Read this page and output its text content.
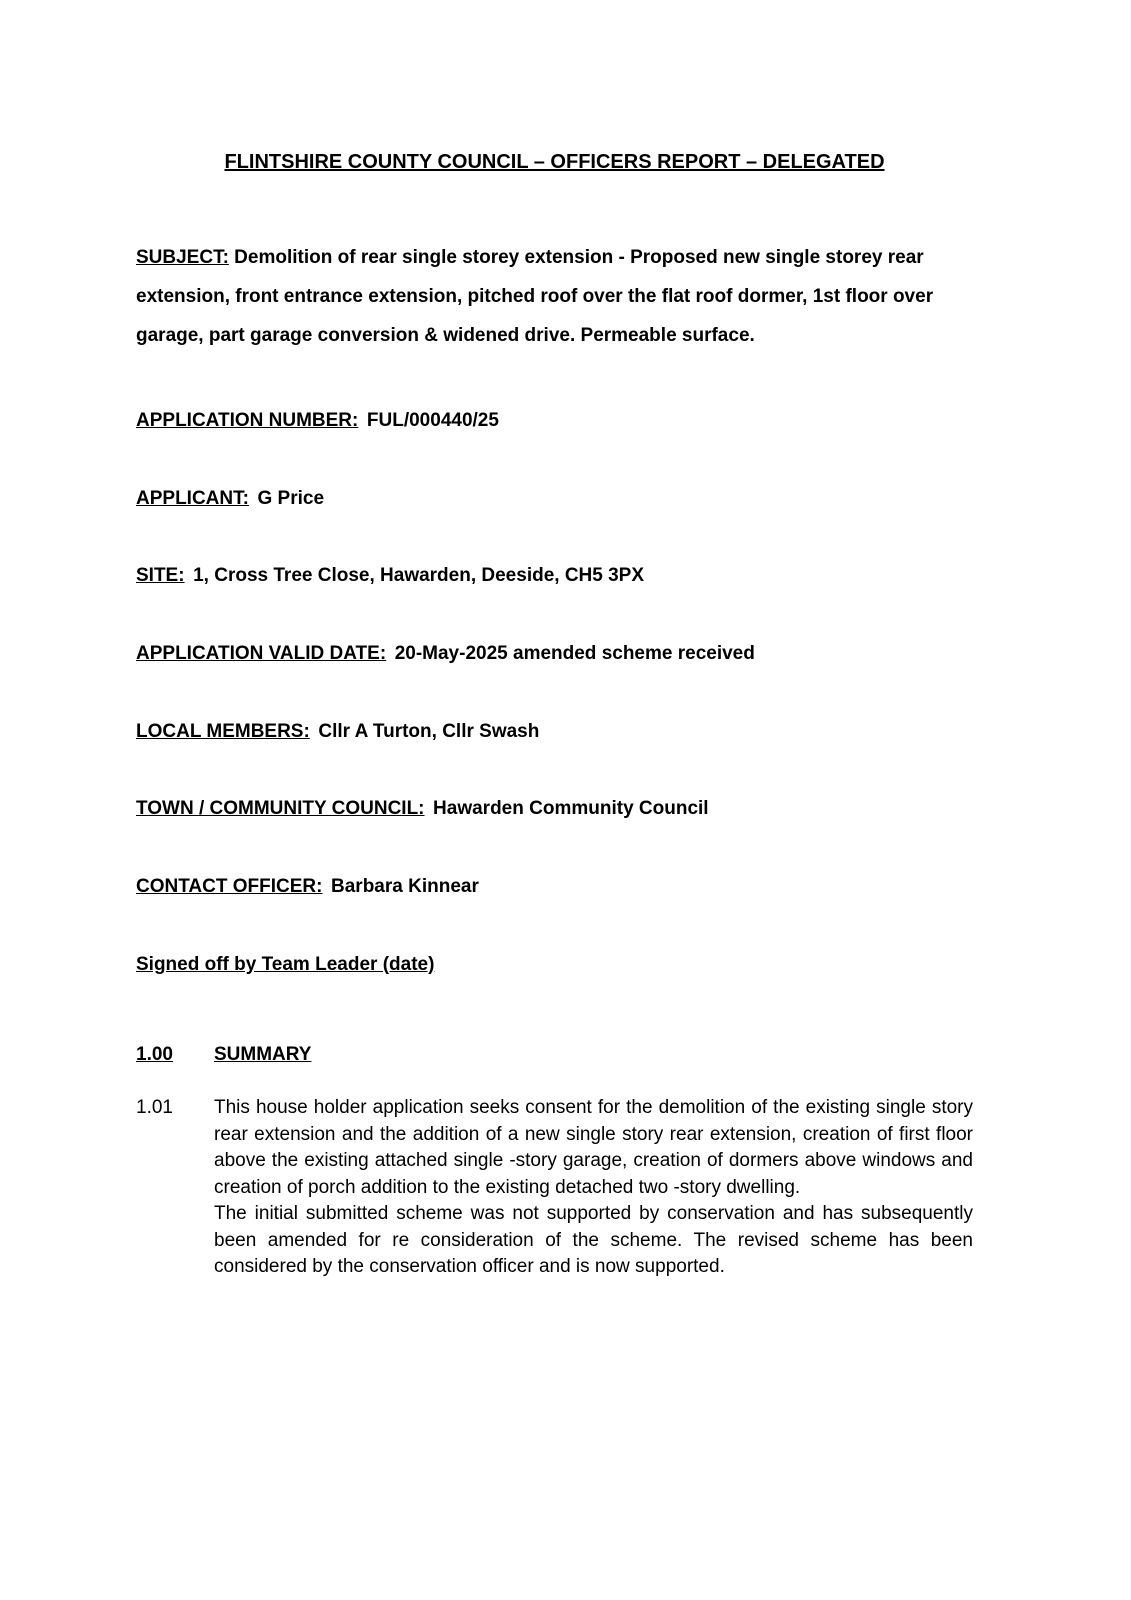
FLINTSHIRE COUNTY COUNCIL – OFFICERS REPORT – DELEGATED

SUBJECT: Demolition of rear single storey extension - Proposed new single storey rear extension, front entrance extension, pitched roof over the flat roof dormer, 1st floor over garage, part garage conversion & widened drive. Permeable surface.

APPLICATION NUMBER: FUL/000440/25
APPLICANT: G Price
SITE: 1, Cross Tree Close, Hawarden, Deeside, CH5 3PX
APPLICATION VALID DATE: 20-May-2025 amended scheme received
LOCAL MEMBERS: Cllr A Turton, Cllr Swash
TOWN / COMMUNITY COUNCIL: Hawarden Community Council
CONTACT OFFICER: Barbara Kinnear
Signed off by Team Leader (date)
1.00	SUMMARY
1.01	This house holder application seeks consent for the demolition of the existing single story rear extension and the addition of a new single story rear extension, creation of first floor above the existing attached single -story garage, creation of dormers above windows and creation of porch addition to the existing detached two -story dwelling.
The initial submitted scheme was not supported by conservation and has subsequently been amended for re consideration of the scheme. The revised scheme has been considered by the conservation officer and is now supported.
